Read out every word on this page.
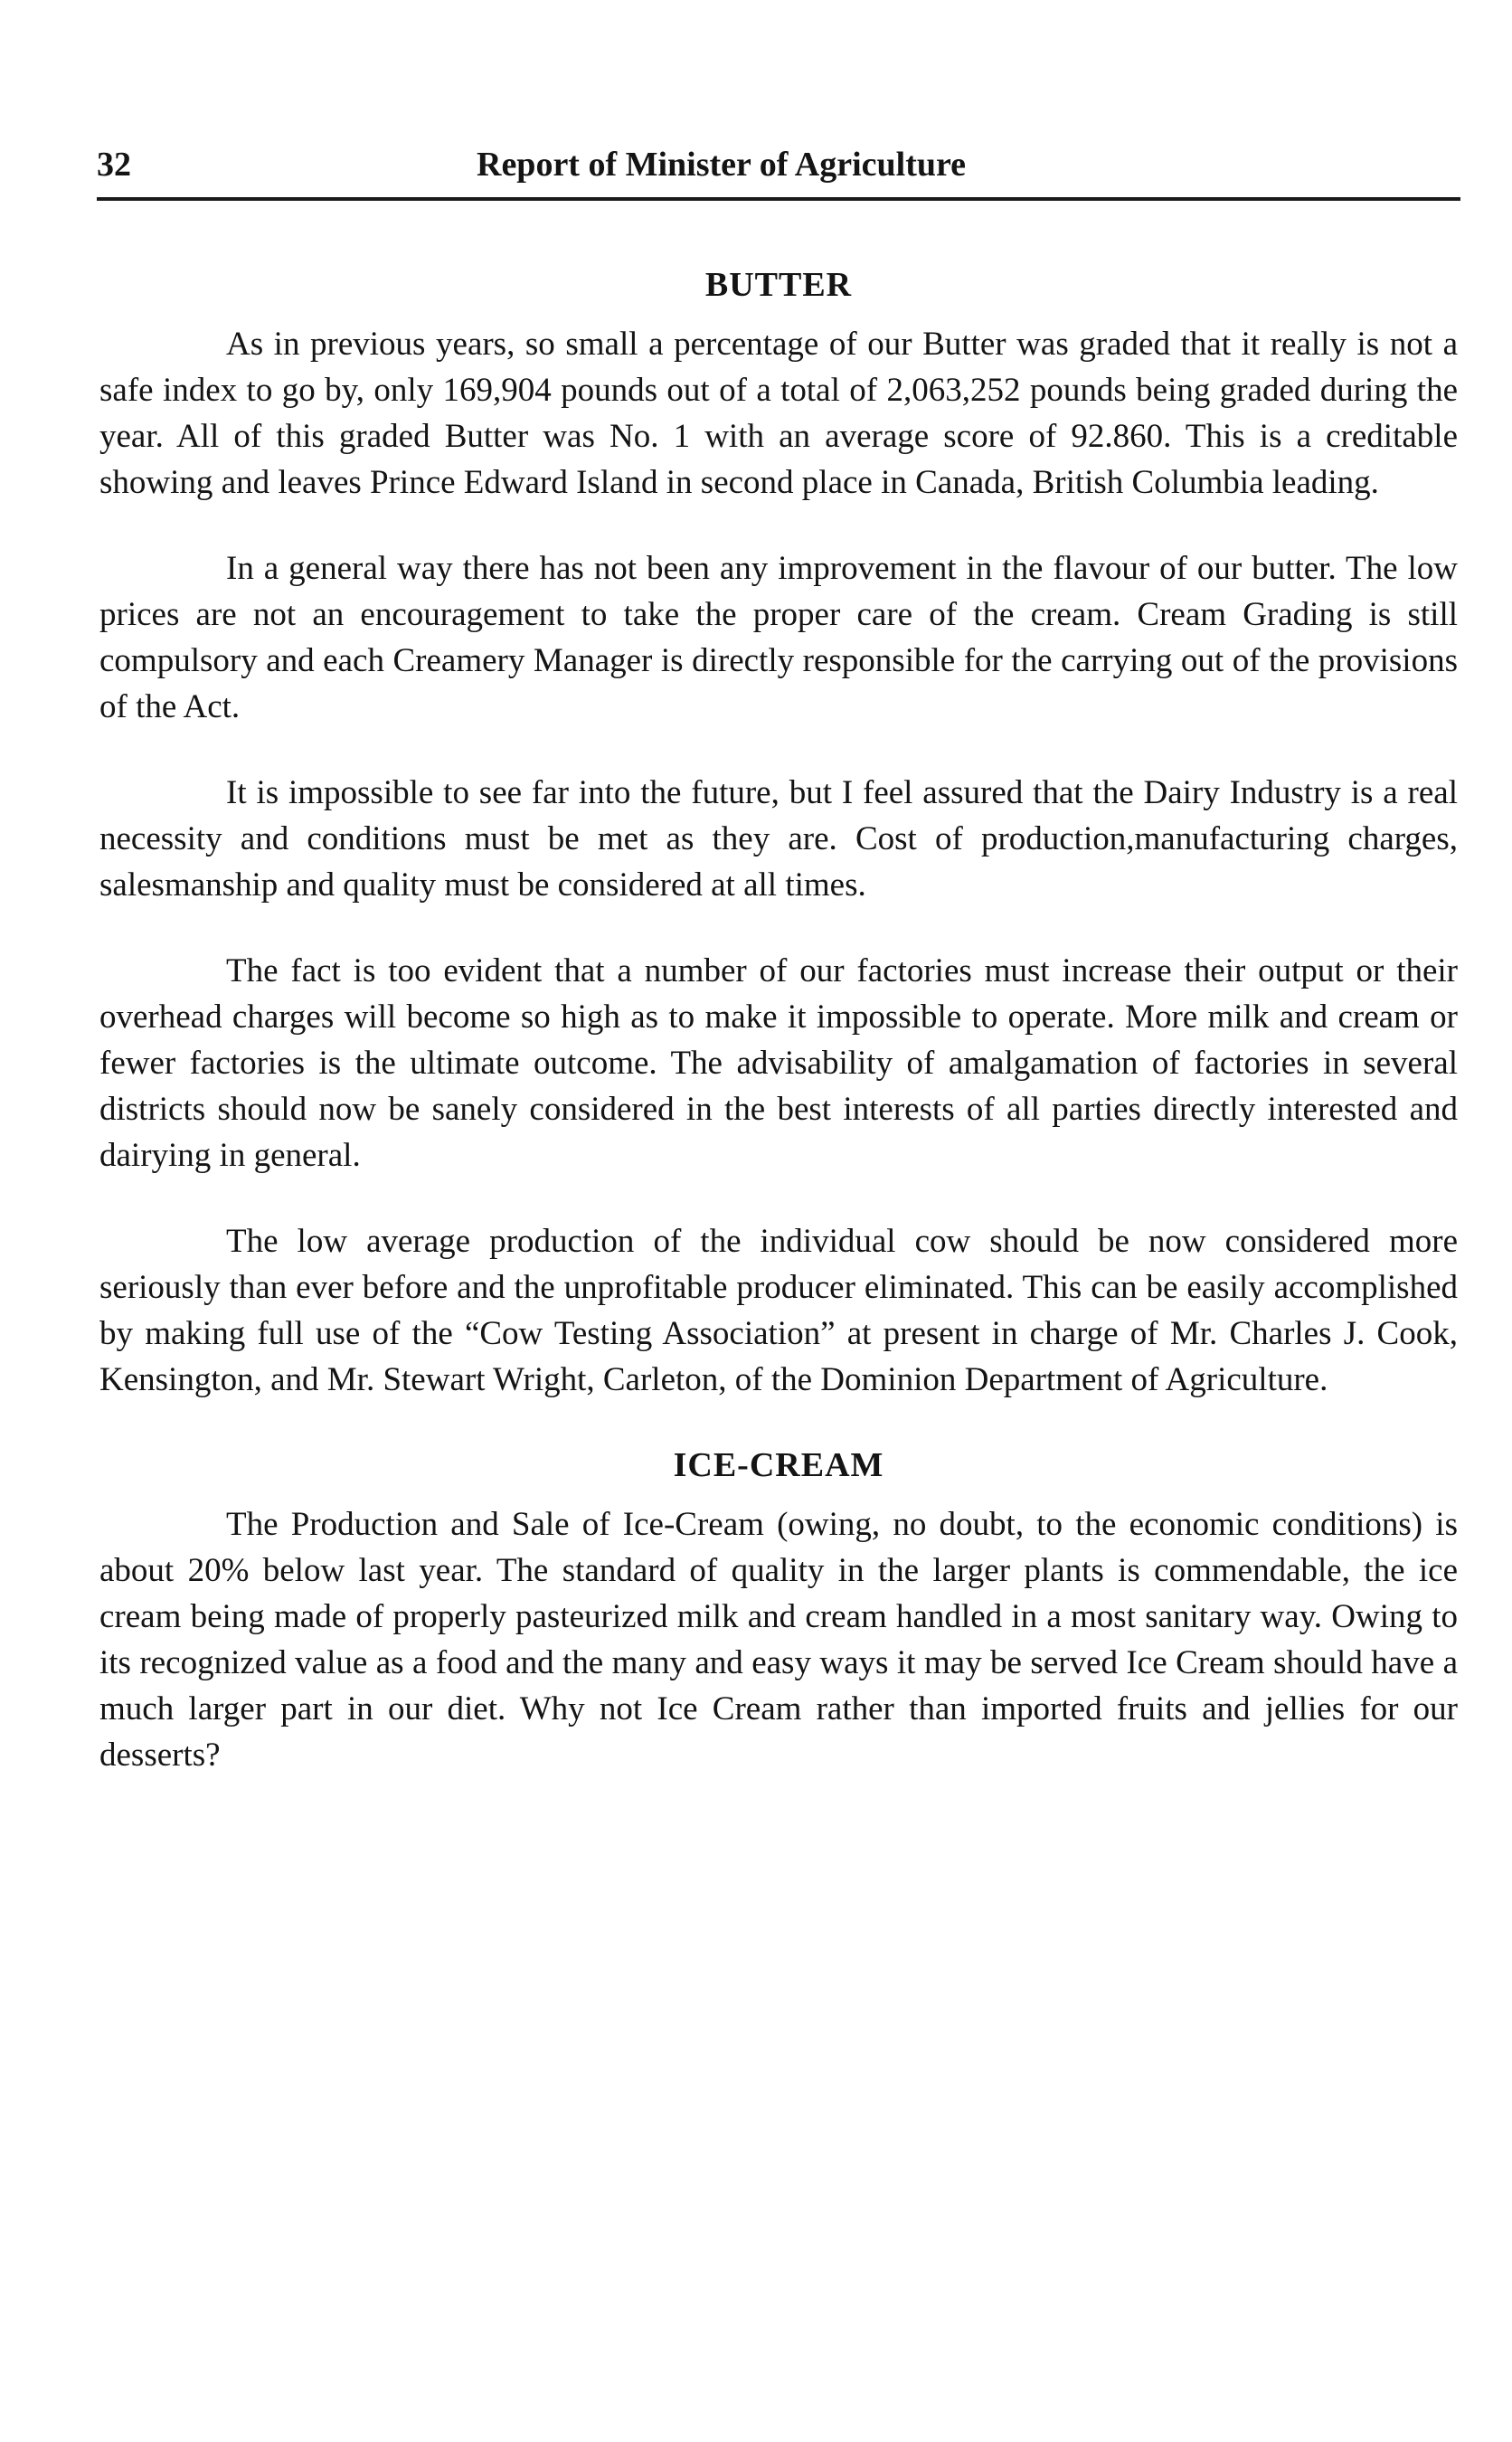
32	Report of Minister of Agriculture
BUTTER

As in previous years, so small a percentage of our Butter was graded that it really is not a safe index to go by, only 169,904 pounds out of a total of 2,063,252 pounds being graded during the year. All of this graded Butter was No. 1 with an average score of 92.860. This is a creditable showing and leaves Prince Edward Island in second place in Canada, British Columbia leading.

In a general way there has not been any improvement in the flavour of our butter. The low prices are not an encouragement to take the proper care of the cream. Cream Grading is still compulsory and each Creamery Manager is directly responsible for the carrying out of the provisions of the Act.

It is impossible to see far into the future, but I feel assured that the Dairy Industry is a real necessity and conditions must be met as they are. Cost of production,manufacturing charges, salesmanship and quality must be considered at all times.

The fact is too evident that a number of our factories must increase their output or their overhead charges will become so high as to make it impossible to operate. More milk and cream or fewer factories is the ultimate outcome. The advisability of amalgamation of factories in several districts should now be sanely considered in the best interests of all parties directly interested and dairying in general.

The low average production of the individual cow should be now considered more seriously than ever before and the unprofitable producer eliminated. This can be easily accomplished by making full use of the “Cow Testing Association” at present in charge of Mr. Charles J. Cook, Kensington, and Mr. Stewart Wright, Carleton, of the Dominion Department of Agriculture.

ICE-CREAM

The Production and Sale of Ice-Cream (owing, no doubt, to the economic conditions) is about 20% below last year. The standard of quality in the larger plants is commendable, the ice cream being made of properly pasteurized milk and cream handled in a most sanitary way. Owing to its recognized value as a food and the many and easy ways it may be served Ice Cream should have a much larger part in our diet. Why not Ice Cream rather than imported fruits and jellies for our desserts?
